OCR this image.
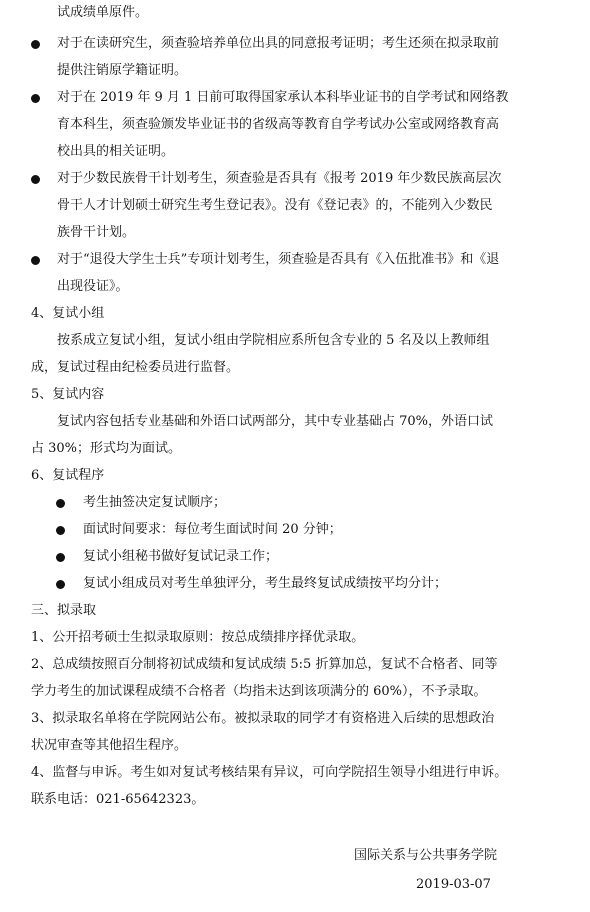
试成绩单原件。
对于在读研究生，须查验培养单位出具的同意报考证明；考生还须在拟录取前
提供注销原学籍证明。
对于在 2019 年 9 月 1 日前可取得国家承认本科毕业证书的自学考试和网络教
育本科生，须查验颁发毕业证书的省级高等教育自学考试办公室或网络教育高
校出具的相关证明。
对于少数民族骨干计划考生，须查验是否具有《报考 2019 年少数民族高层次
骨干人才计划硕士研究生考生登记表》。没有《登记表》的，不能列入少数民
族骨干计划。
对于“退役大学生士兵”专项计划考生，须查验是否具有《入伍批准书》和《退
出现役证》。
4、复试小组
按系成立复试小组，复试小组由学院相应系所包含专业的 5 名及以上教师组
成，复试过程由纪检委员进行监督。
5、复试内容
复试内容包括专业基础和外语口试两部分，其中专业基础占 70%，外语口试
占 30%；形式均为面试。
6、复试程序
考生抽签决定复试顺序；
面试时间要求：每位考生面试时间 20 分钟；
复试小组秘书做好复试记录工作；
复试小组成员对考生单独评分，考生最终复试成绩按平均分计；
三、拟录取
1、公开招考硕士生拟录取原则：按总成绩排序择优录取。
2、总成绩按照百分制将初试成绩和复试成绩 5:5 折算加总，复试不合格者、同等
学力考生的加试课程成绩不合格者（均指未达到该项满分的 60%），不予录取。
3、拟录取名单将在学院网站公布。被拟录取的同学才有资格进入后续的思想政治
状况审查等其他招生程序。
4、监督与申诉。考生如对复试考核结果有异议，可向学院招生领导小组进行申诉。
联系电话：021-65642323。
国际关系与公共事务学院
2019-03-07
